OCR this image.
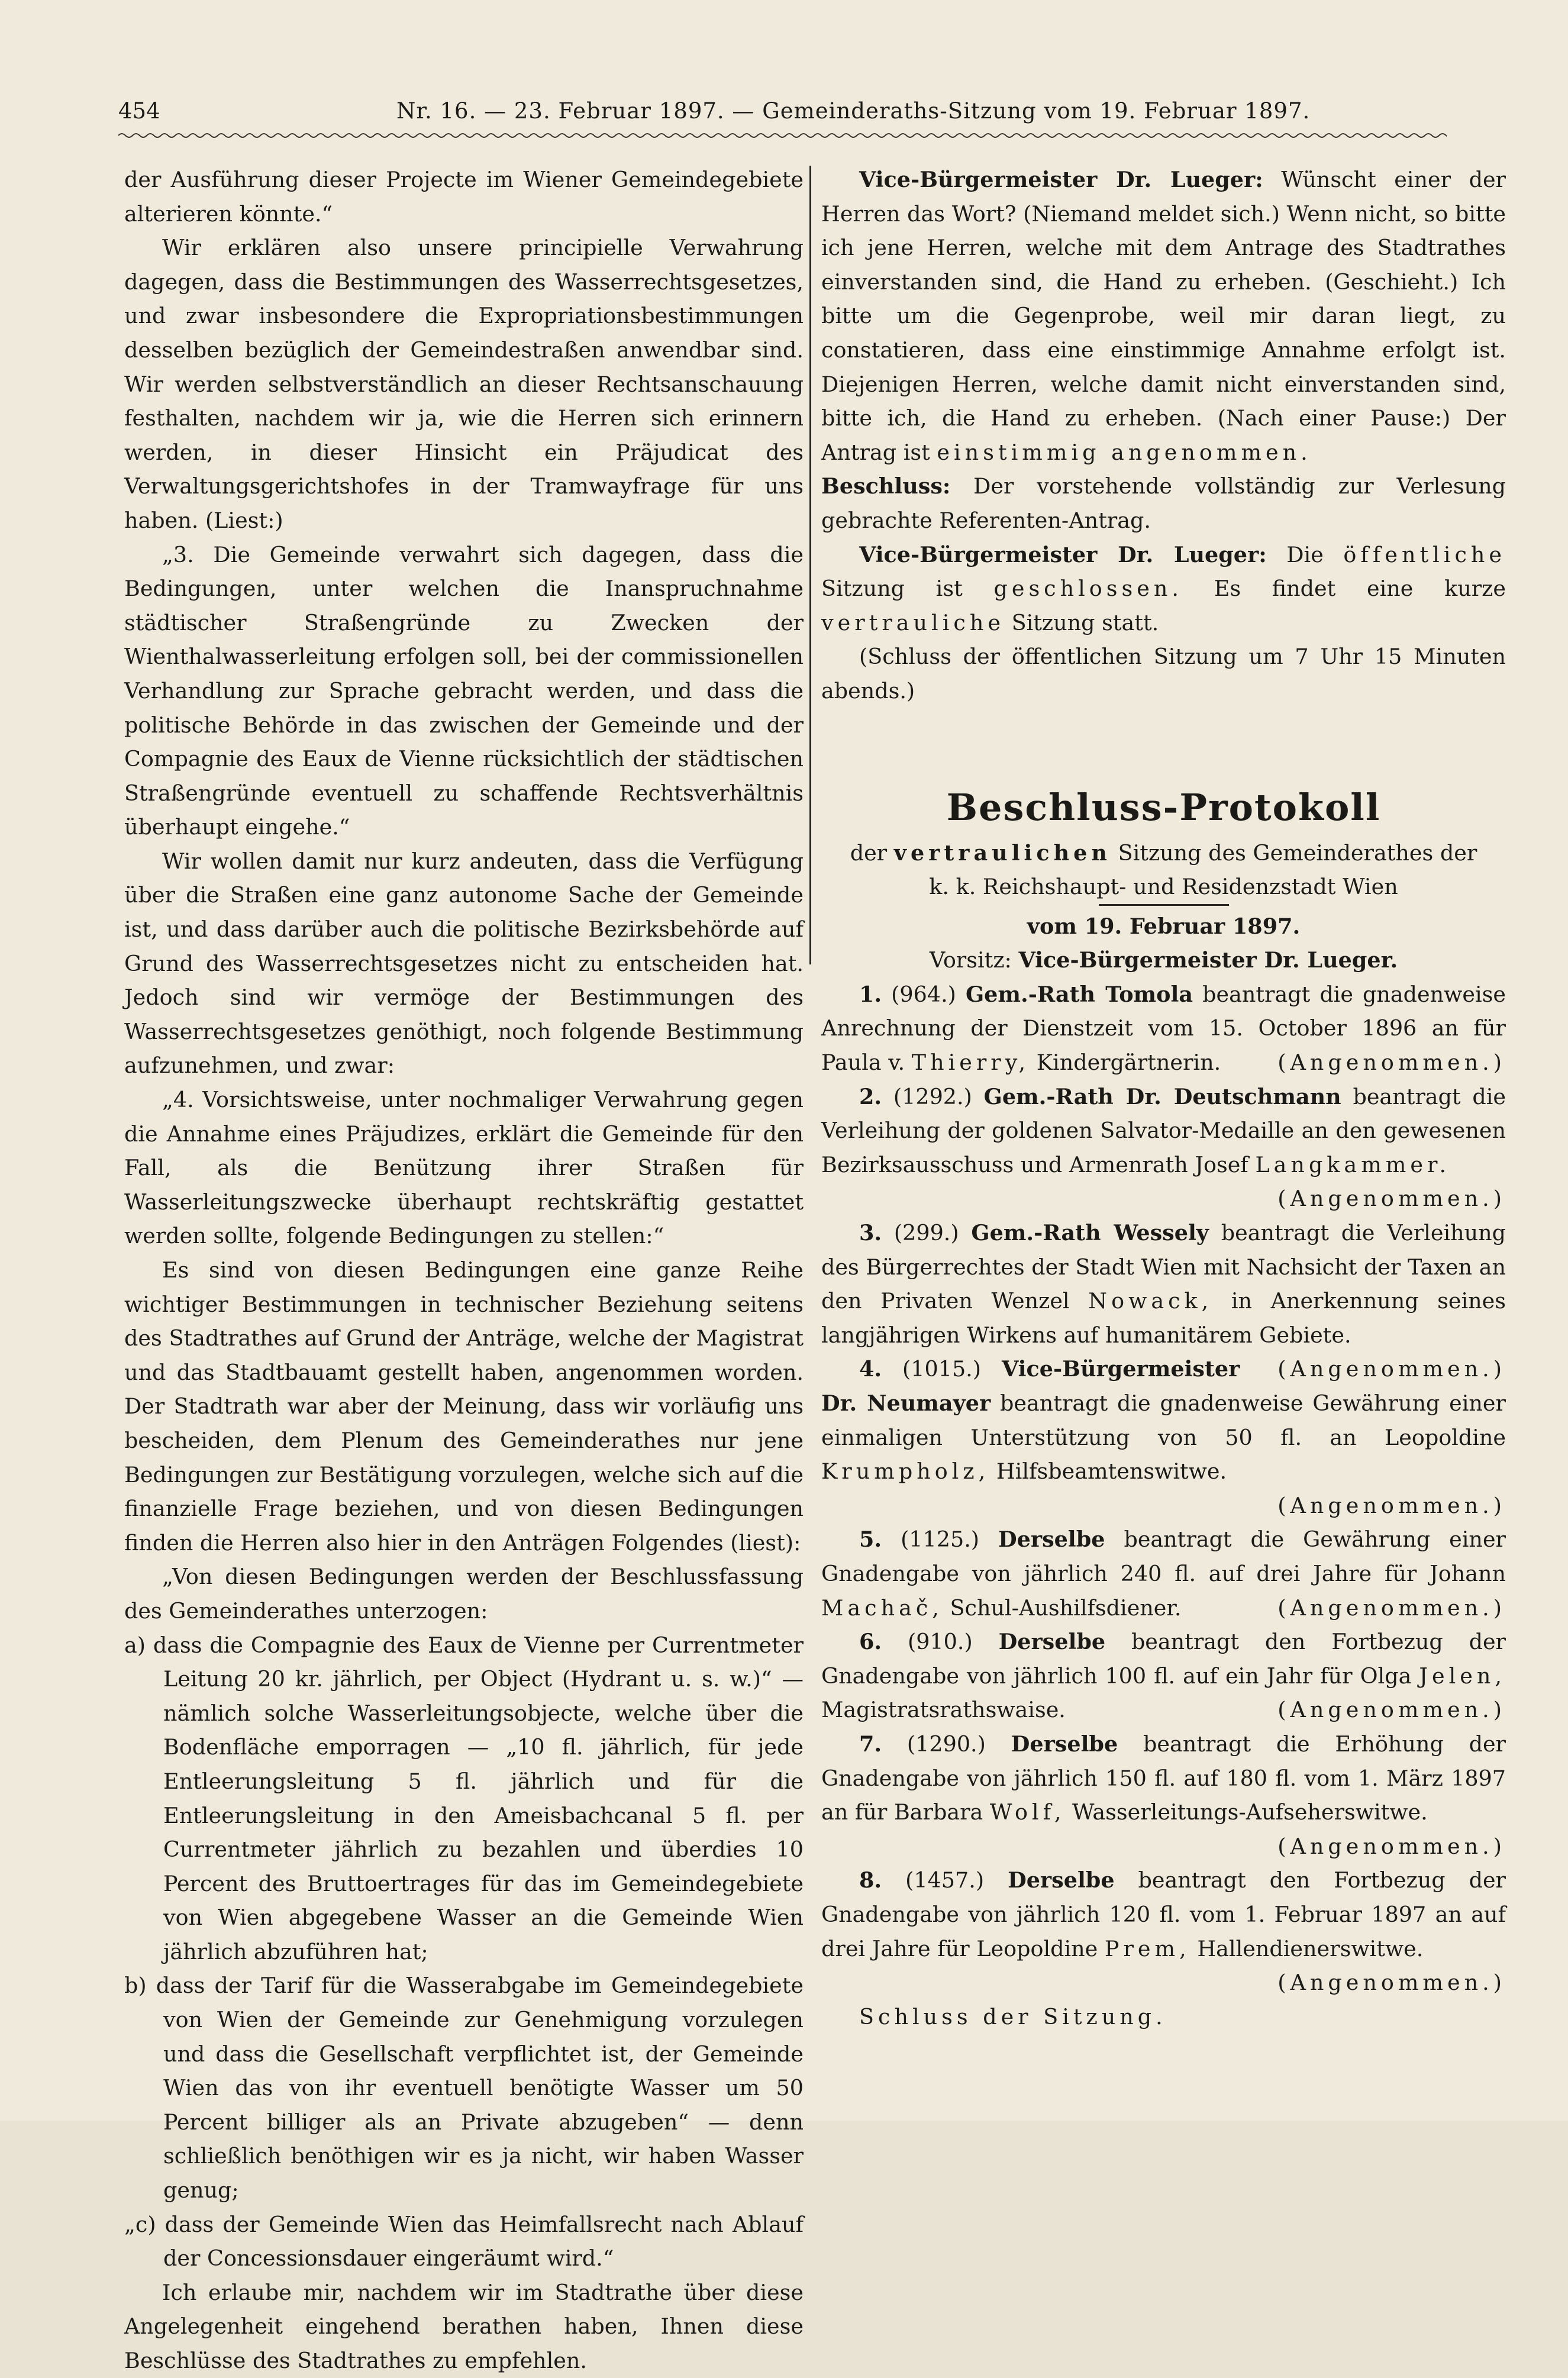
454	Nr. 16. — 23. Februar 1897. — Gemeinderaths-Sitzung vom 19. Februar 1897.

der Ausführung dieser Projecte im Wiener Gemeindegebiete alterieren könnte.“

Wir erklären also unsere principielle Verwahrung dagegen, dass die Bestimmungen des Wasserrechtsgesetzes, und zwar insbesondere die Expropriationsbestimmungen desselben bezüglich der Gemeindestraßen anwendbar sind. Wir werden selbstverständlich an dieser Rechtsanschauung festhalten, nachdem wir ja, wie die Herren sich erinnern werden, in dieser Hinsicht ein Präjudicat des Verwaltungsgerichtshofes in der Tramwayfrage für uns haben. (Liest:)

„3. Die Gemeinde verwahrt sich dagegen, dass die Bedingungen, unter welchen die Inanspruchnahme städtischer Straßengründe zu Zwecken der Wienthalwasserleitung erfolgen soll, bei der commissionellen Verhandlung zur Sprache gebracht werden, und dass die politische Behörde in das zwischen der Gemeinde und der Compagnie des Eaux de Vienne rücksichtlich der städtischen Straßengründe eventuell zu schaffende Rechtsverhältnis überhaupt eingehe.“

Wir wollen damit nur kurz andeuten, dass die Verfügung über die Straßen eine ganz autonome Sache der Gemeinde ist, und dass darüber auch die politische Bezirksbehörde auf Grund des Wasserrechtsgesetzes nicht zu entscheiden hat. Jedoch sind wir vermöge der Bestimmungen des Wasserrechtsgesetzes genöthigt, noch folgende Bestimmung aufzunehmen, und zwar:

„4. Vorsichtsweise, unter nochmaliger Verwahrung gegen die Annahme eines Präjudizes, erklärt die Gemeinde für den Fall, als die Benützung ihrer Straßen für Wasserleitungszwecke überhaupt rechtskräftig gestattet werden sollte, folgende Bedingungen zu stellen:“

Es sind von diesen Bedingungen eine ganze Reihe wichtiger Bestimmungen in technischer Beziehung seitens des Stadtrathes auf Grund der Anträge, welche der Magistrat und das Stadtbauamt gestellt haben, angenommen worden. Der Stadtrath war aber der Meinung, dass wir vorläufig uns bescheiden, dem Plenum des Gemeinderathes nur jene Bedingungen zur Bestätigung vorzulegen, welche sich auf die finanzielle Frage beziehen, und von diesen Bedingungen finden die Herren also hier in den Anträgen Folgendes (liest):

„Von diesen Bedingungen werden der Beschlussfassung des Gemeinderathes unterzogen:

a) dass die Compagnie des Eaux de Vienne per Currentmeter Leitung 20 kr. jährlich, per Object (Hydrant u. s. w.)“ — nämlich solche Wasserleitungsobjecte, welche über die Bodenfläche emporragen — „10 fl. jährlich, für jede Entleerungsleitung 5 fl. jährlich und für die Entleerungsleitung in den Ameisbachcanal 5 fl. per Currentmeter jährlich zu bezahlen und überdies 10 Percent des Bruttoertrages für das im Gemeindegebiete von Wien abgegebene Wasser an die Gemeinde Wien jährlich abzuführen hat;

b) dass der Tarif für die Wasserabgabe im Gemeindegebiete von Wien der Gemeinde zur Genehmigung vorzulegen und dass die Gesellschaft verpflichtet ist, der Gemeinde Wien das von ihr eventuell benötigte Wasser um 50 Percent billiger als an Private abzugeben“ — denn schließlich benöthigen wir es ja nicht, wir haben Wasser genug;

„c) dass der Gemeinde Wien das Heimfallsrecht nach Ablauf der Concessionsdauer eingeräumt wird.“

Ich erlaube mir, nachdem wir im Stadtrathe über diese Angelegenheit eingehend berathen haben, Ihnen diese Beschlüsse des Stadtrathes zu empfehlen.

Vice-Bürgermeister Dr. Lueger: Wünscht einer der Herren das Wort? (Niemand meldet sich.) Wenn nicht, so bitte ich jene Herren, welche mit dem Antrage des Stadtrathes einverstanden sind, die Hand zu erheben. (Geschieht.) Ich bitte um die Gegenprobe, weil mir daran liegt, zu constatieren, dass eine einstimmige Annahme erfolgt ist. Diejenigen Herren, welche damit nicht einverstanden sind, bitte ich, die Hand zu erheben. (Nach einer Pause:) Der Antrag ist einstimmig angenommen.

Beschluss: Der vorstehende vollständig zur Verlesung gebrachte Referenten-Antrag.

Vice-Bürgermeister Dr. Lueger: Die öffentliche Sitzung ist geschlossen. Es findet eine kurze vertrauliche Sitzung statt.

(Schluss der öffentlichen Sitzung um 7 Uhr 15 Minuten abends.)

Beschluss-Protokoll

der vertraulichen Sitzung des Gemeinderathes der

k. k. Reichshaupt- und Residenzstadt Wien

vom 19. Februar 1897.

Vorsitz: Vice-Bürgermeister Dr. Lueger.

1. (964.) Gem.-Rath Tomola beantragt die gnadenweise Anrechnung der Dienstzeit vom 15. October 1896 an für Paula v. Thierry, Kindergärtnerin.	(Angenommen.)

2. (1292.) Gem.-Rath Dr. Deutschmann beantragt die Verleihung der goldenen Salvator-Medaille an den gewesenen Bezirksausschuss und Armenrath Josef Langkammer.

(Angenommen.)

3. (299.) Gem.-Rath Wessely beantragt die Verleihung des Bürgerrechtes der Stadt Wien mit Nachsicht der Taxen an den Privaten Wenzel Nowack, in Anerkennung seines langjährigen Wirkens auf humanitärem Gebiete.
(Angenommen.)

4. (1015.) Vice-Bürgermeister Dr. Neumayer beantragt die gnadenweise Gewährung einer einmaligen Unterstützung von 50 fl. an Leopoldine Krumpholz, Hilfsbeamtenswitwe.

(Angenommen.)

5. (1125.) Derselbe beantragt die Gewährung einer Gnadengabe von jährlich 240 fl. auf drei Jahre für Johann Machač, Schul-Aushilfsdiener.	(Angenommen.)

6. (910.) Derselbe beantragt den Fortbezug der Gnadengabe von jährlich 100 fl. auf ein Jahr für Olga Jelen, Magistratsrathswaise.	(Angenommen.)

7. (1290.) Derselbe beantragt die Erhöhung der Gnadengabe von jährlich 150 fl. auf 180 fl. vom 1. März 1897 an für Barbara Wolf, Wasserleitungs-Aufseherswitwe.

(Angenommen.)

8. (1457.) Derselbe beantragt den Fortbezug der Gnadengabe von jährlich 120 fl. vom 1. Februar 1897 an auf drei Jahre für Leopoldine Prem, Hallendienerswitwe.

(Angenommen.)

Schluss der Sitzung.
